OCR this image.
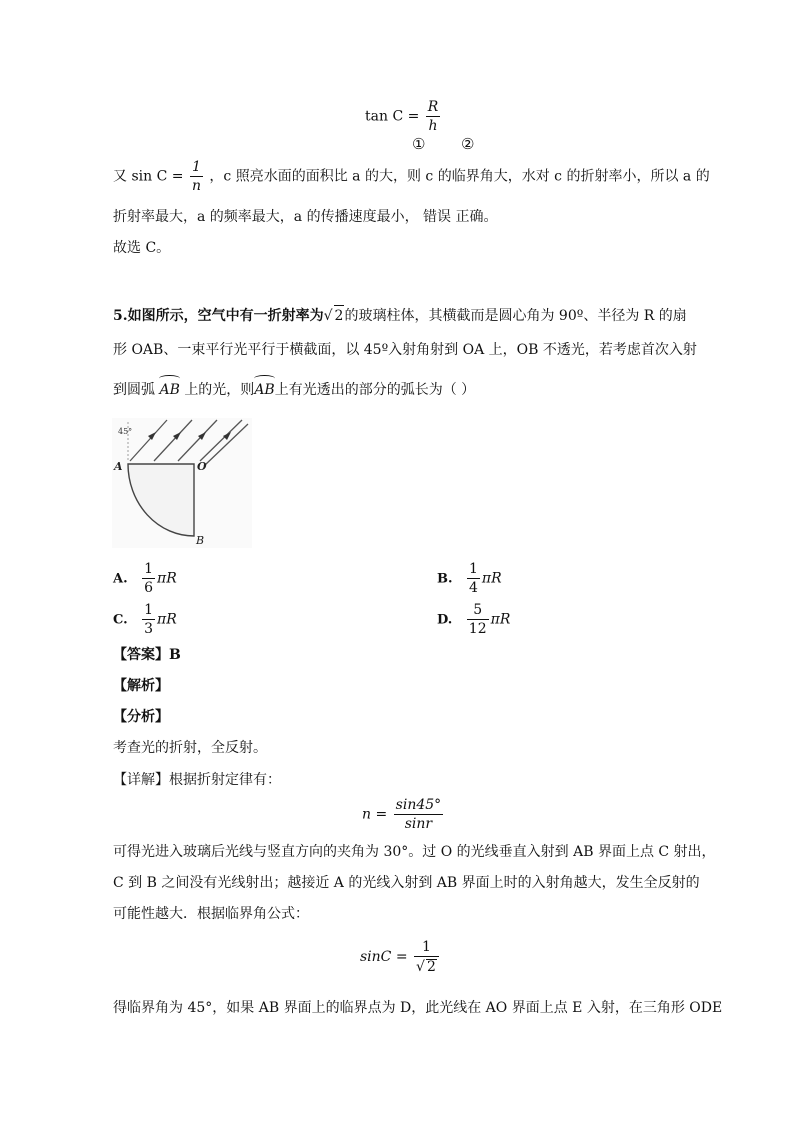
$\tan C = \frac{R}{h}$
① ②
又 $\sin C = \frac{1}{n}$ ，c 照亮水面的面积比 a 的大，则 c 的临界角大，水对 c 的折射率小，所以 a 的
折射率最大，a 的频率最大，a 的传播速度最小， 错误 正确。
故选 C。
5.如图所示，空气中有一折射率为√ 2的玻璃柱体，其横截而是圆心角为 90º、半径为 R 的扇
形 OAB、一束平行光平行于横截面，以 45º入射角射到 OA 上，OB 不透光，若考虑首次入射
到圆弧 AB 上的光，则AB上有光透出的部分的弧长为（ ）
45°
A	O
B
A. $\frac{1}{6}$ πR	B. $\frac{1}{4}$ πR
C. $\frac{1}{3}$ πR	D. $\frac{5}{12}$ πR
【答案】B
【解析】
【分析】
考查光的折射，全反射。
【详解】根据折射定律有：
$n = \frac{\sin 45^\circ}{\sin r}$
可得光进入玻璃后光线与竖直方向的夹角为 30°。过 O 的光线垂直入射到 AB 界面上点 C 射出，
C 到 B 之间没有光线射出；越接近 A 的光线入射到 AB 界面上时的入射角越大，发生全反射的
可能性越大．根据临界角公式：
$\sin C = \frac{1}{√ 2}$
得临界角为 45°，如果 AB 界面上的临界点为 D，此光线在 AO 界面上点 E 入射，在三角形 ODE
